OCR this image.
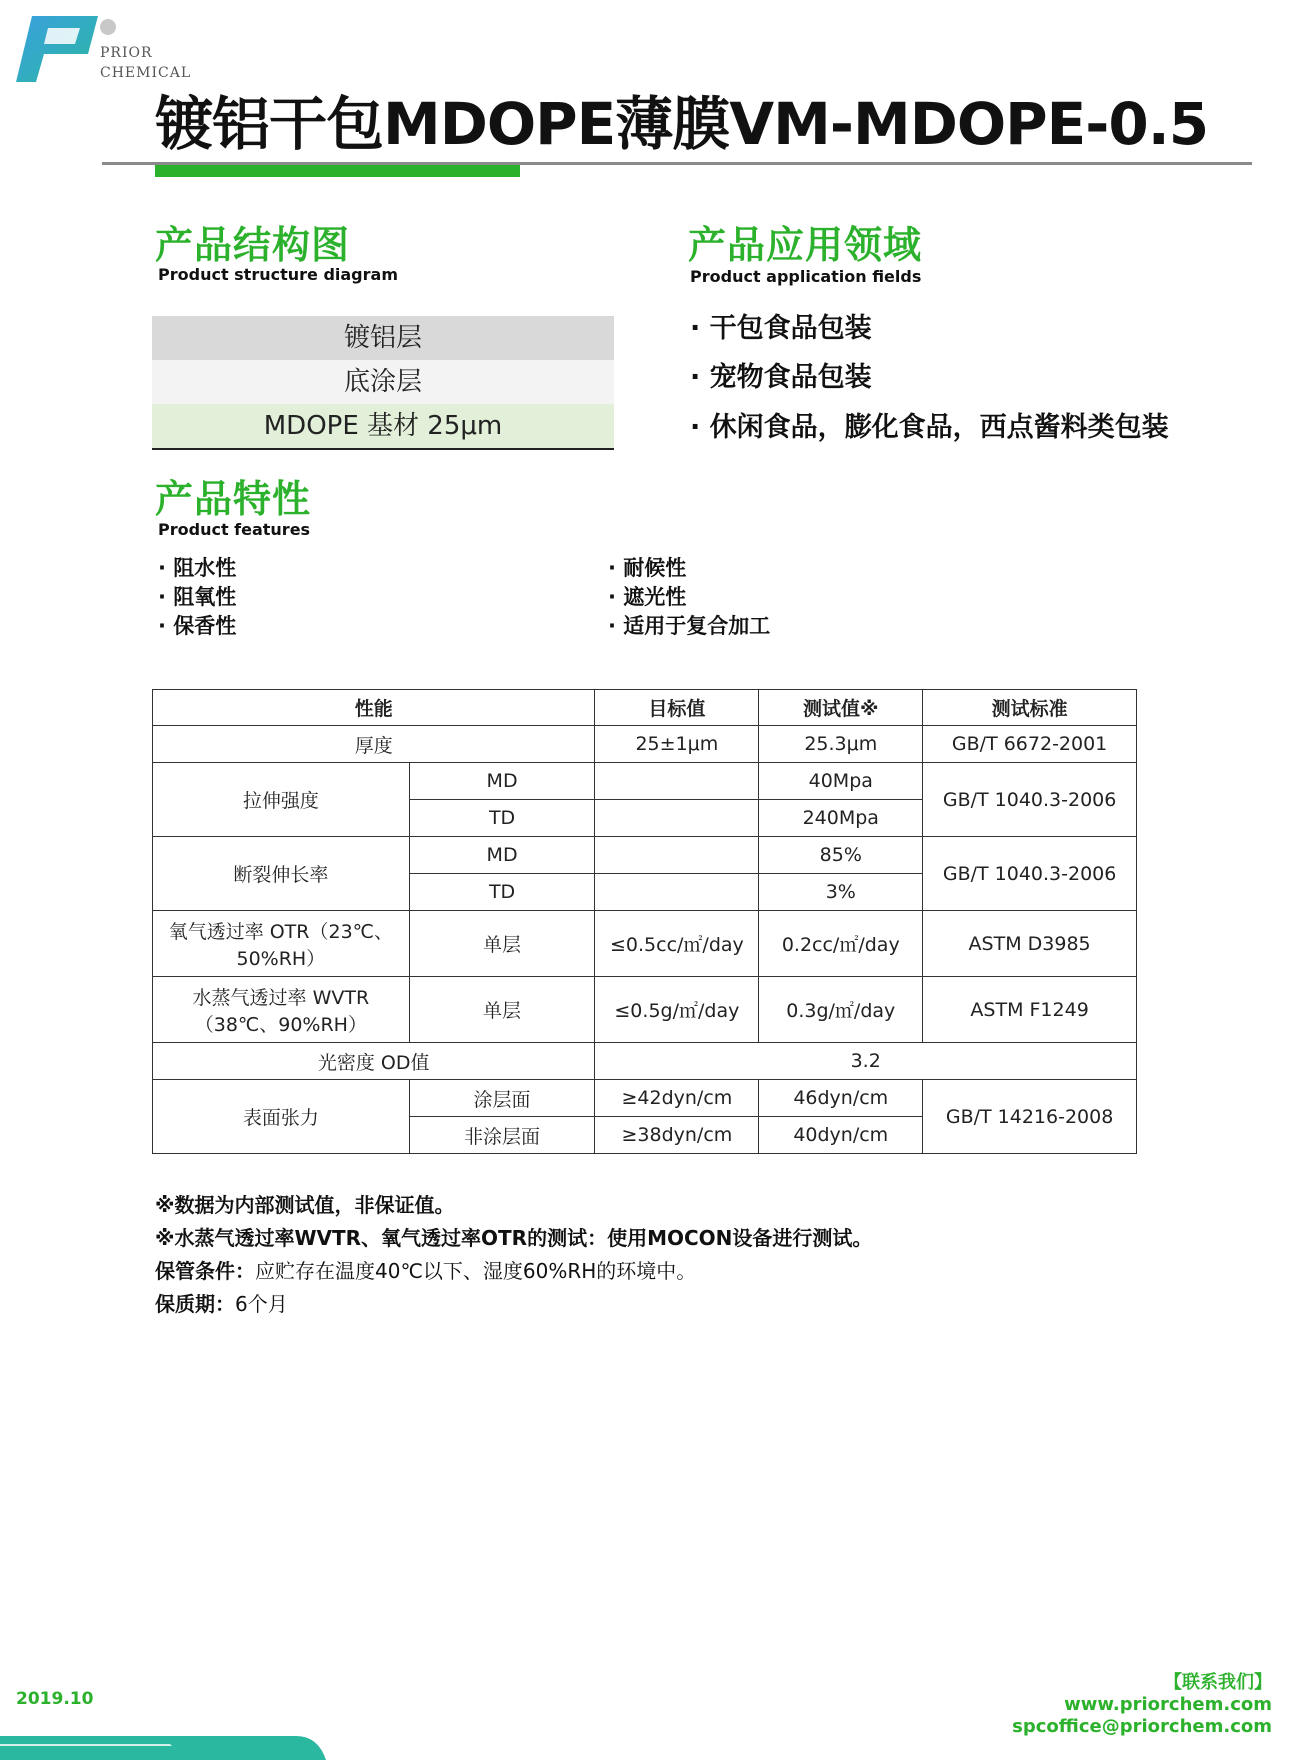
PRIOR
CHEMICAL
镀铝干包MDOPE薄膜VM-MDOPE-0.5
产品结构图
Product structure diagram
镀铝层
底涂层
MDOPE 基材 25μm
产品应用领域
Product application fields
· 干包食品包装
· 宠物食品包装
· 休闲食品，膨化食品，西点酱料类包装
产品特性
Product features
· 阻水性
· 阻氧性
· 保香性
· 耐候性
· 遮光性
· 适用于复合加工
性能		目标值	测试值※	测试标准
厚度		25±1μm	25.3μm	GB/T 6672-2001
拉伸强度	MD		40Mpa	GB/T 1040.3-2006
	TD		240Mpa	
断裂伸长率	MD		85%	GB/T 1040.3-2006
	TD		3%	

氧气透过率 OTR（23℃、
50%RH）	单层	≤0.5cc/㎡/day	0.2cc/㎡/day	ASTM D3985

水蒸气透过率 WVTR
（38℃、90%RH）	单层	≤0.5g/㎡/day	0.3g/㎡/day	ASTM F1249
光密度 OD值		3.2		
表面张力	涂层面	≥42dyn/cm	46dyn/cm	GB/T 14216-2008
	非涂层面	≥38dyn/cm	40dyn/cm	
※数据为内部测试值，非保证值。
※水蒸气透过率WVTR、氧气透过率OTR的测试：使用MOCON设备进行测试。
保管条件：应贮存在温度40℃以下、湿度60%RH的环境中。
保质期：6个月
2019.10
【联系我们】
www.priorchem.com
spcoffice@priorchem.com
